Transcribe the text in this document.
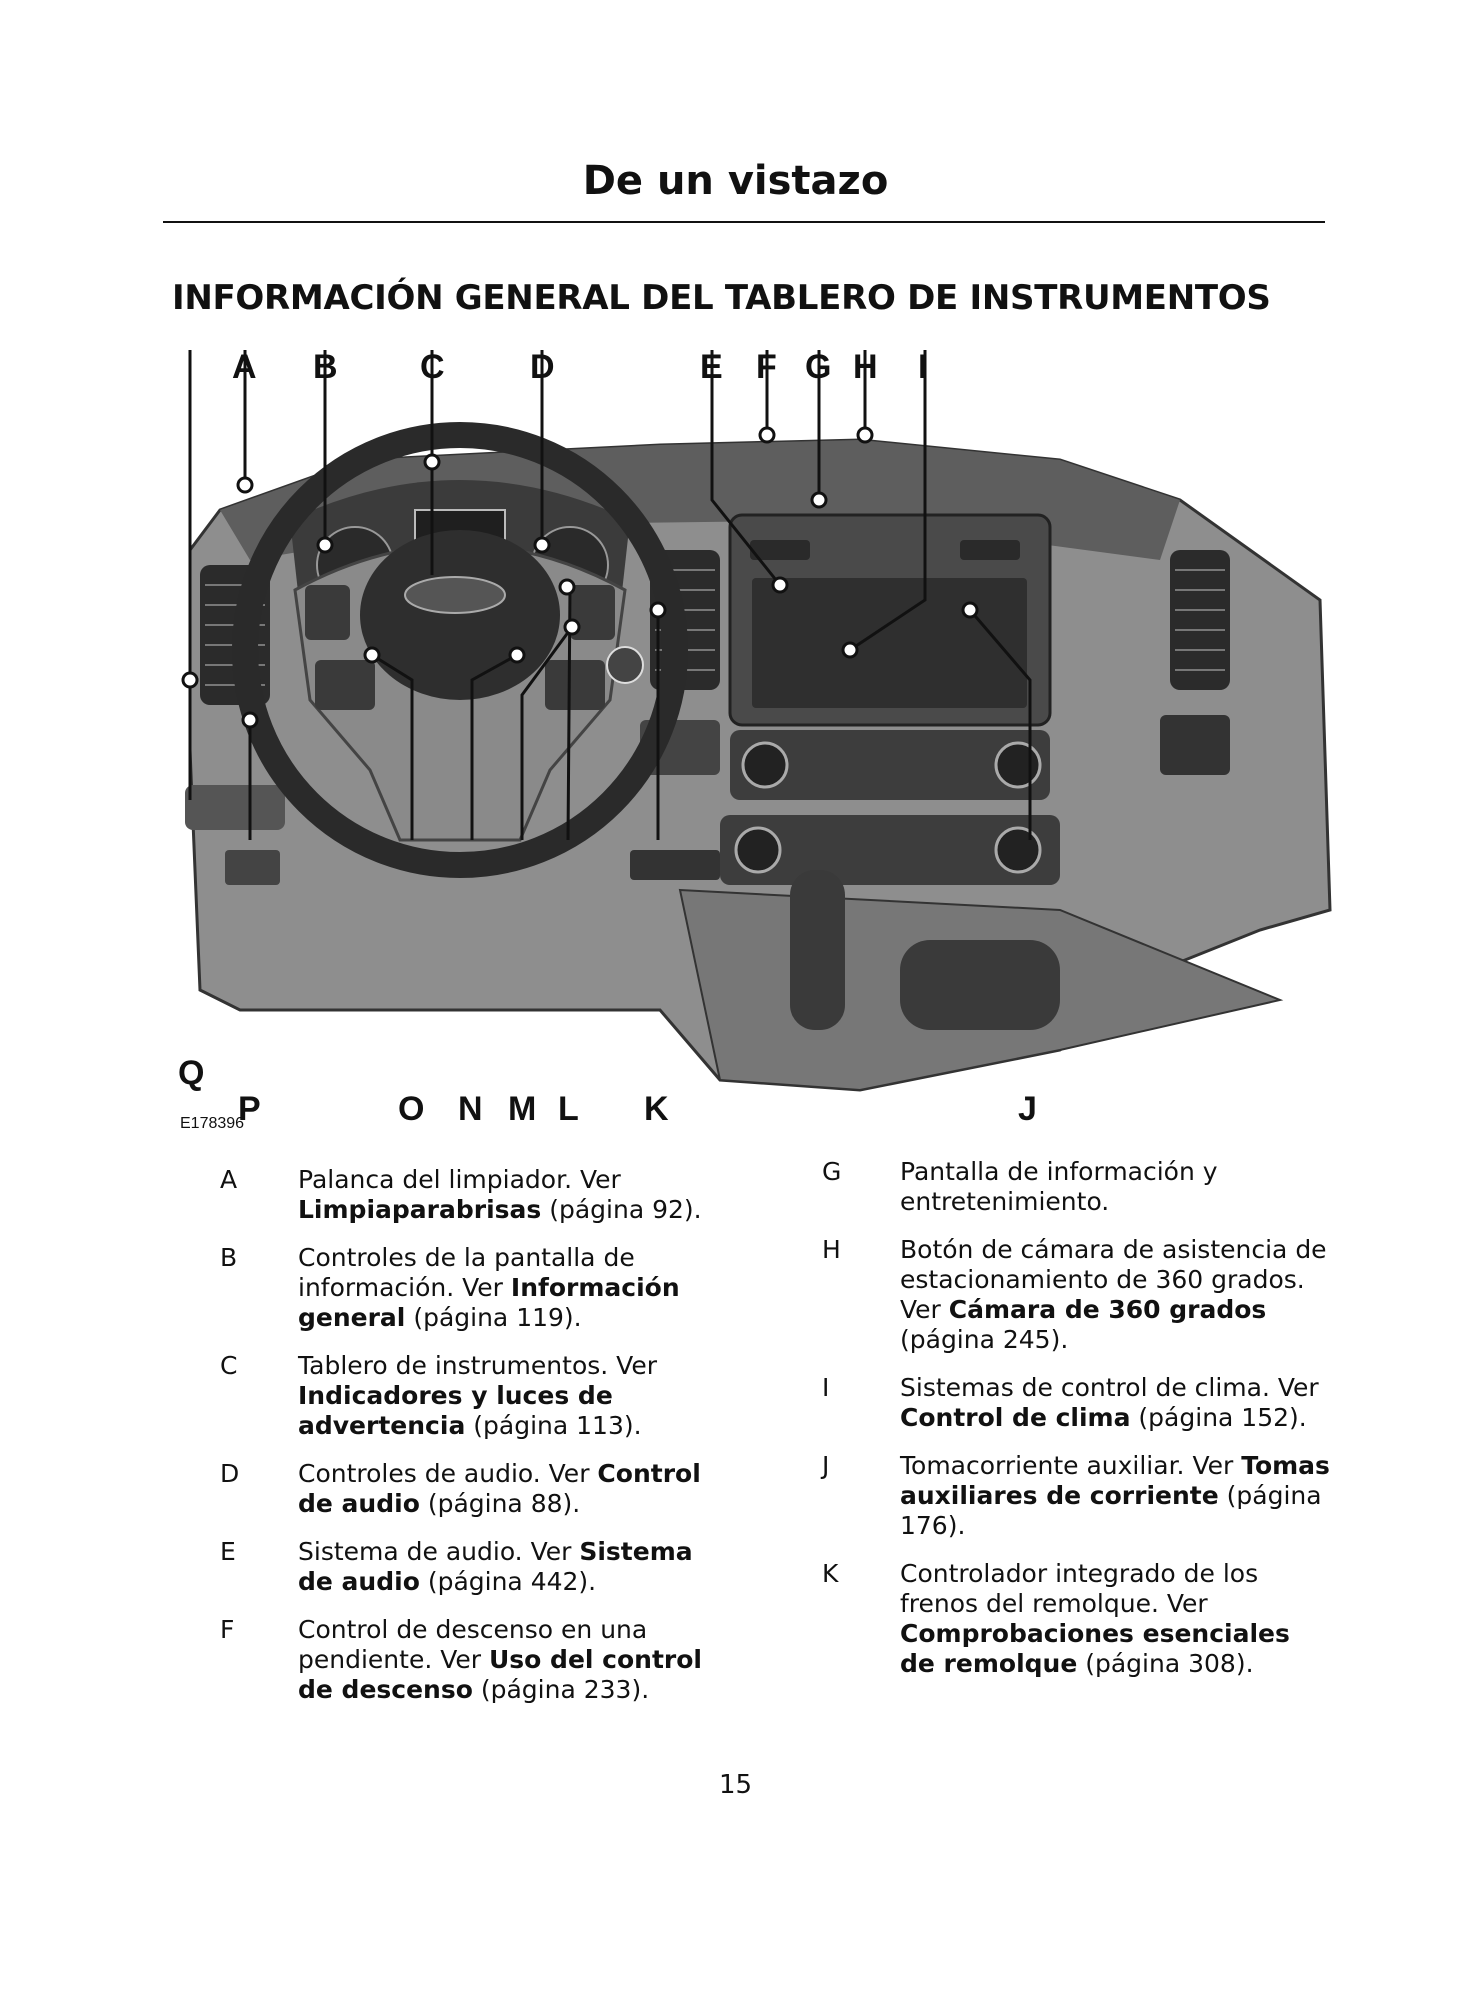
De un vistazo
INFORMACIÓN GENERAL DEL TABLERO DE INSTRUMENTOS
A B C	D	E F G H I
Q
P	O N M L K	J
E178396
A	Palanca del limpiador. Ver Limpiaparabrisas (página 92).
B	Controles de la pantalla de información. Ver Información general (página 119).
C	Tablero de instrumentos. Ver Indicadores y luces de advertencia (página 113).
D	Controles de audio. Ver Control de audio (página 88).
E	Sistema de audio. Ver Sistema de audio (página 442).
F	Control de descenso en una pendiente. Ver Uso del control de descenso (página 233).
G	Pantalla de información y entretenimiento.
H	Botón de cámara de asistencia de estacionamiento de 360 grados. Ver Cámara de 360 grados (página 245).
I	Sistemas de control de clima. Ver Control de clima (página 152).
J	Tomacorriente auxiliar. Ver Tomas auxiliares de corriente (página 176).
K	Controlador integrado de los frenos del remolque. Ver Comprobaciones esenciales de remolque (página 308).
15
